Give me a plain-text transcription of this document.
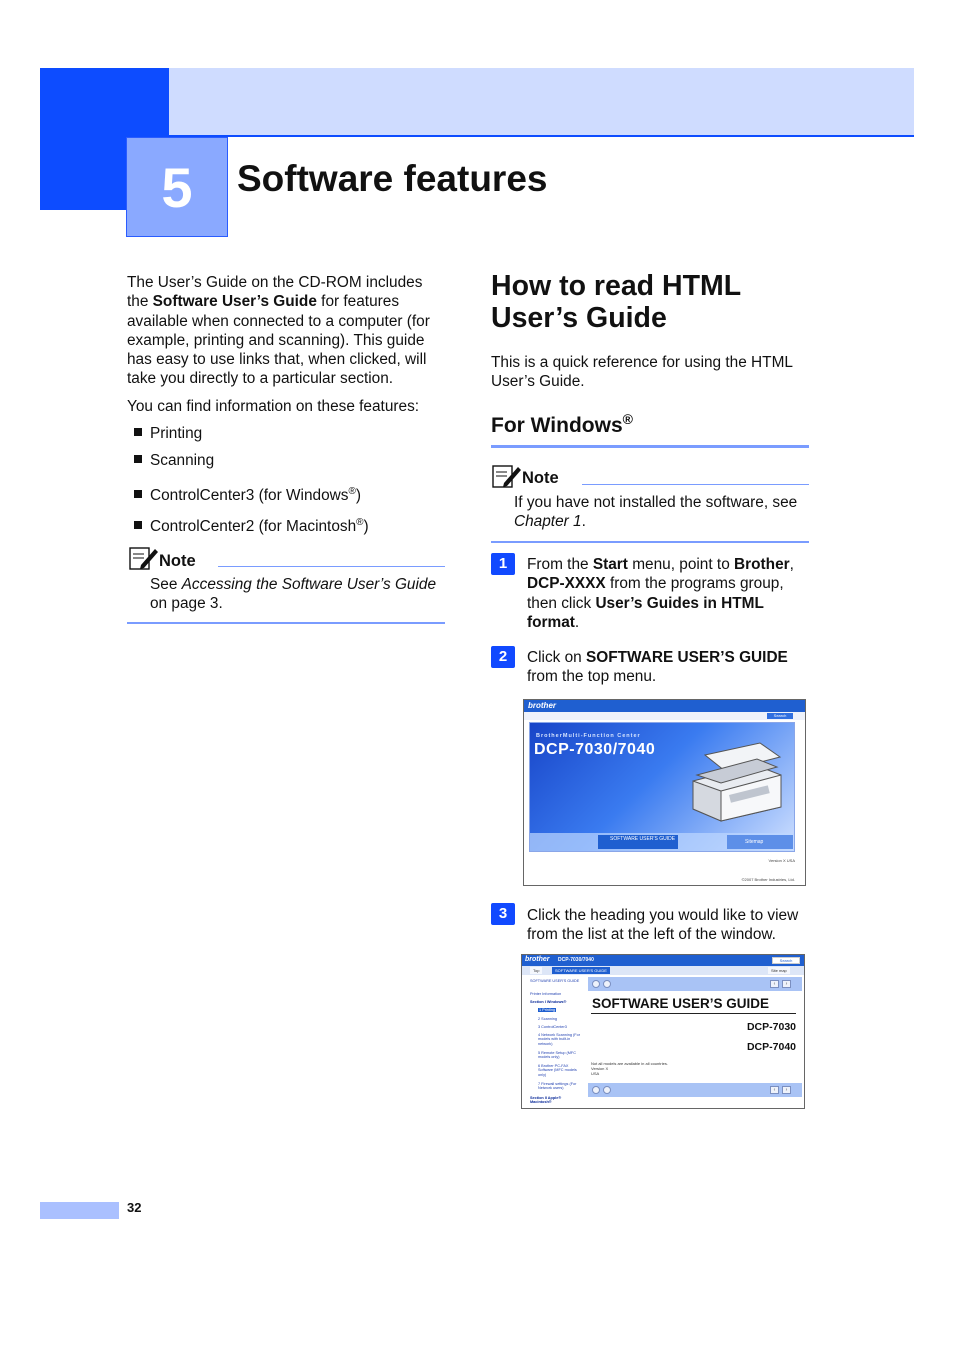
5	Software features
The User’s Guide on the CD-ROM includes the Software User’s Guide for features available when connected to a computer (for example, printing and scanning). This guide has easy to use links that, when clicked, will take you directly to a particular section.
You can find information on these features:
Printing
Scanning
ControlCenter3 (for Windows®)
ControlCenter2 (for Macintosh®)
Note
See Accessing the Software User’s Guide on page 3.
How to read HTML User’s Guide
This is a quick reference for using the HTML User’s Guide.
For Windows®
Note
If you have not installed the software, see Chapter 1.
1	From the Start menu, point to Brother, DCP-XXXX from the programs group, then click User’s Guides in HTML format.
2	Click on SOFTWARE USER’S GUIDE from the top menu.
brother
Search
BrotherMulti-Function Center
DCP-7030/7040
SOFTWARE USER’S GUIDE	Sitemap
Version X USA
©2007 Brother Industries, Ltd.
3	Click the heading you would like to view from the list at the left of the window.
brother DCP-7030/7040	Search
Top	SOFTWARE USER'S GUIDE	Site map
SOFTWARE USER'S GUIDE
Printer Information
Section I Windows®
1 Printing
2 Scanning
3 ControlCenter3
4 Network Scanning (For models with built-in network)
5 Remote Setup (MFC models only)
6 Brother PC-FAX Software (MFC models only)
7 Firewall settings (For Network users)
Section II Apple® Macintosh®
‹	›
SOFTWARE USER’S GUIDE
DCP-7030
DCP-7040
Not all models are available in all countries.
Version X
USA
‹	›
32
